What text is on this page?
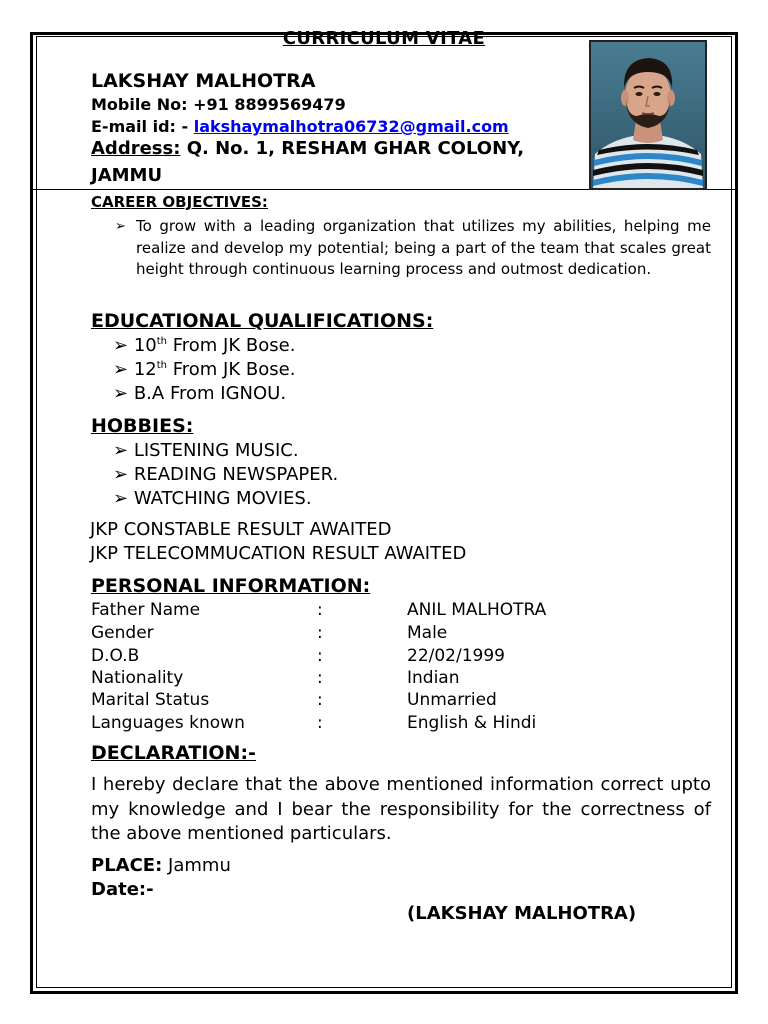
CURRICULUM VITAE
LAKSHAY MALHOTRA
Mobile No: +91 8899569479
E-mail id: - lakshaymalhotra06732@gmail.com
Address: Q. No. 1, RESHAM GHAR COLONY,
JAMMU
CAREER OBJECTIVES:
➢ To grow with a leading organization that utilizes my abilities, helping me realize and develop my potential; being a part of the team that scales great height through continuous learning process and outmost dedication.
EDUCATIONAL QUALIFICATIONS:
➢ 10th From JK Bose.
➢ 12th From JK Bose.
➢ B.A From IGNOU.
HOBBIES:
➢ LISTENING MUSIC.
➢ READING NEWSPAPER.
➢ WATCHING MOVIES.
JKP CONSTABLE RESULT AWAITED
JKP TELECOMMUCATION RESULT AWAITED
PERSONAL INFORMATION:
Father Name	:	ANIL MALHOTRA
Gender	:	Male
D.O.B	:	22/02/1999
Nationality	:	Indian
Marital Status	:	Unmarried
Languages known	:	English & Hindi
DECLARATION:-
I hereby declare that the above mentioned information correct upto my knowledge and I bear the responsibility for the correctness of the above mentioned particulars.
PLACE: Jammu
Date:-
(LAKSHAY MALHOTRA)
